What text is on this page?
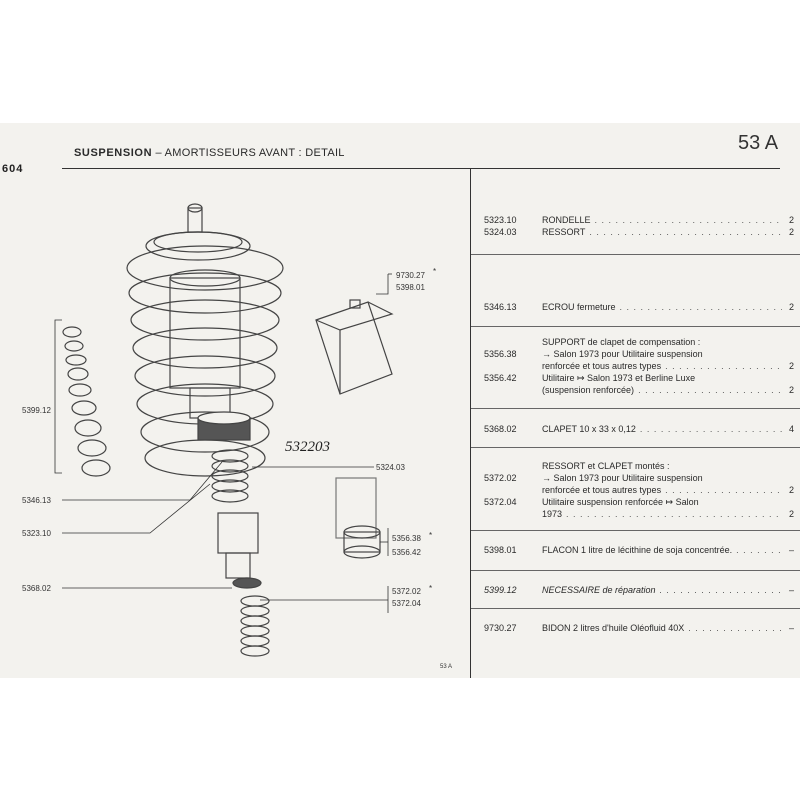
SUSPENSION – AMORTISSEURS AVANT : DETAIL
604
53 A
9730.27 *
5398.01
5399.12
5346.13
5323.10
5324.03
5356.38 *
5356.42
5368.02	5372.02 *
5372.04
532203
53 A
5323.10	RONDELLE . . .	2
5324.03	RESSORT . . .	2
5346.13	ECROU fermeture . . .	2
SUPPORT de clapet de compensation :
5356.38	→ Salon 1973 pour Utilitaire suspension
renforcée et tous autres types . . .	2
5356.42	Utilitaire ↦ Salon 1973 et Berline Luxe
(suspension renforcée) . . .	2
5368.02	CLAPET 10 x 33 x 0,12 . . .	4
RESSORT et CLAPET montés :
5372.02	→ Salon 1973 pour Utilitaire suspension
renforcée et tous autres types . . .	2
5372.04	Utilitaire suspension renforcée ↦ Salon
1973 . . .	2
5398.01	FLACON 1 litre de lécithine de soja concentrée. . . .	–
5399.12	NECESSAIRE de réparation . . .	–
9730.27	BIDON 2 litres d'huile Oléofluid 40X . . .	–
